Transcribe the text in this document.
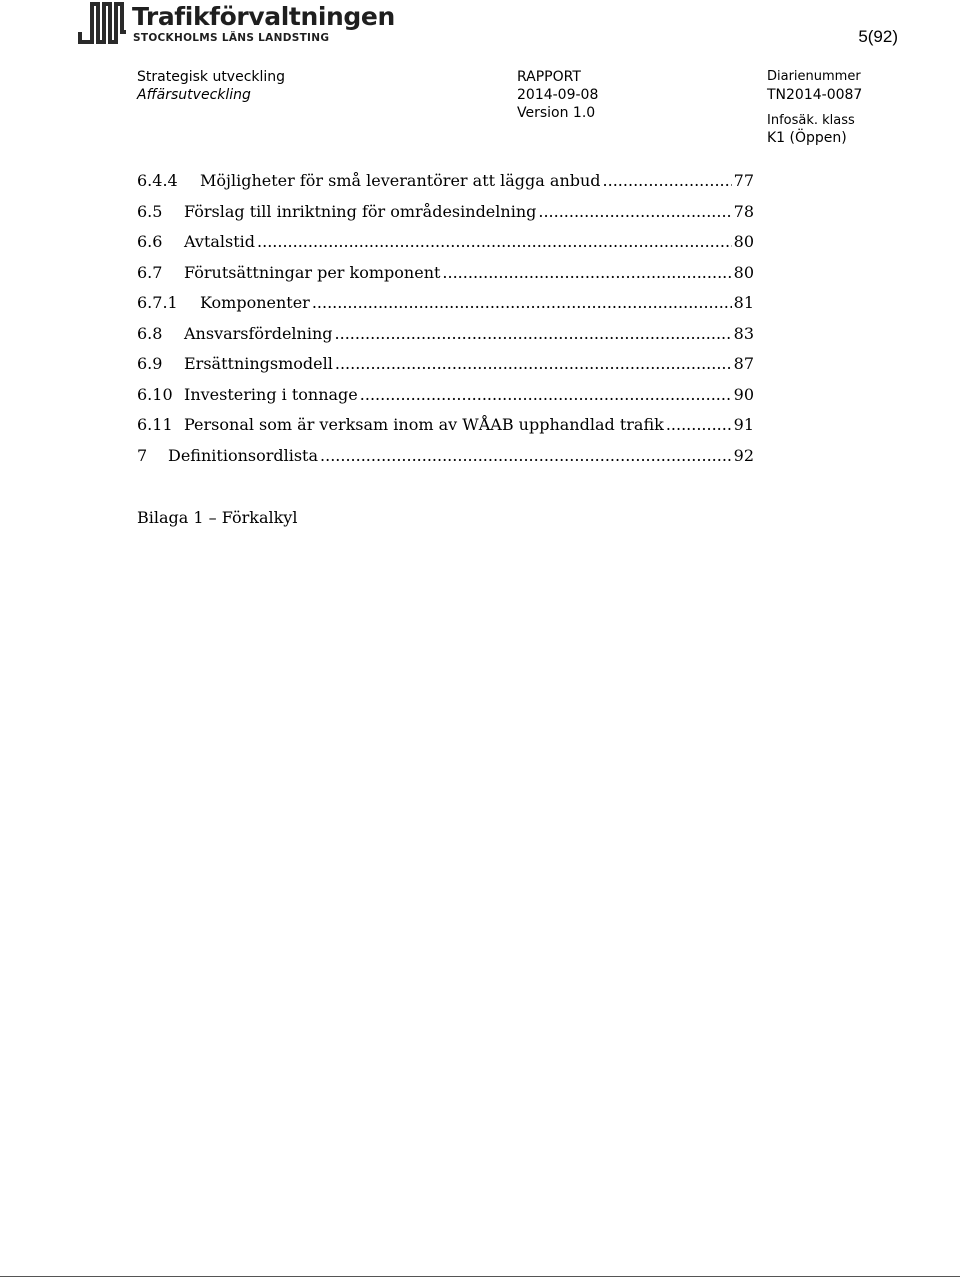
Trafikförvaltningen
STOCKHOLMS LÄNS LANDSTING	5(92)
Strategisk utveckling
Affärsutveckling
RAPPORT
2014-09-08
Version 1.0
Diarienummer
TN2014-0087
Infosäk. klass
K1 (Öppen)
6.4.4	Möjligheter för små leverantörer att lägga anbud .....	77
6.5	Förslag till inriktning för områdesindelning .....	78
6.6	Avtalstid .....	80
6.7	Förutsättningar per komponent .....	80
6.7.1	Komponenter .....	81
6.8	Ansvarsfördelning .....	83
6.9	Ersättningsmodell .....	87
6.10 Investering i tonnage .....	90
6.11 Personal som är verksam inom av WÅAB upphandlad trafik .....	91
7	Definitionsordlista .....	92
Bilaga 1 – Förkalkyl
